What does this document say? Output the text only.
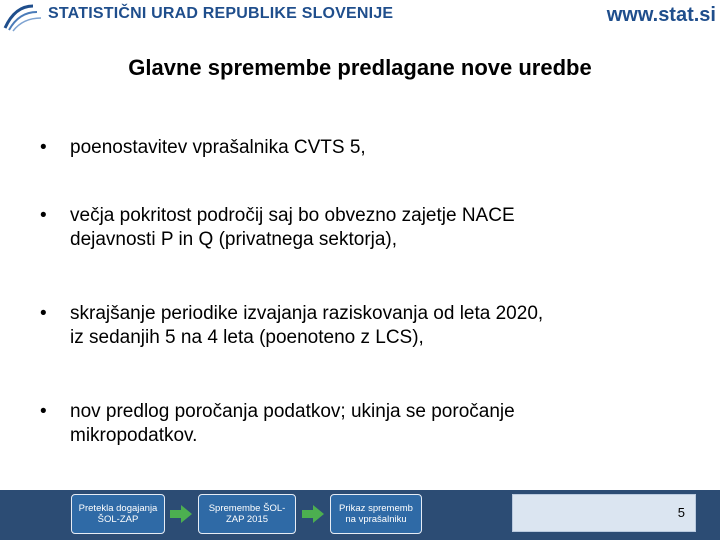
STATISTIČNI URAD REPUBLIKE SLOVENIJE	www.stat.si
Glavne spremembe predlagane nove uredbe
• poenostavitev vprašalnika CVTS 5,
• večja pokritost področij saj bo obvezno zajetje NACE
dejavnosti P in Q (privatnega sektorja),
• skrajšanje periodike izvajanja raziskovanja od leta 2020,
iz sedanjih 5 na 4 leta (poenoteno z LCS),
• nov predlog poročanja podatkov; ukinja se poročanje
mikropodatkov.
Pretekla dogajanja
ŠOL-ZAP
Spremembe ŠOL-
ZAP 2015
Prikaz sprememb
na vprašalniku	5
